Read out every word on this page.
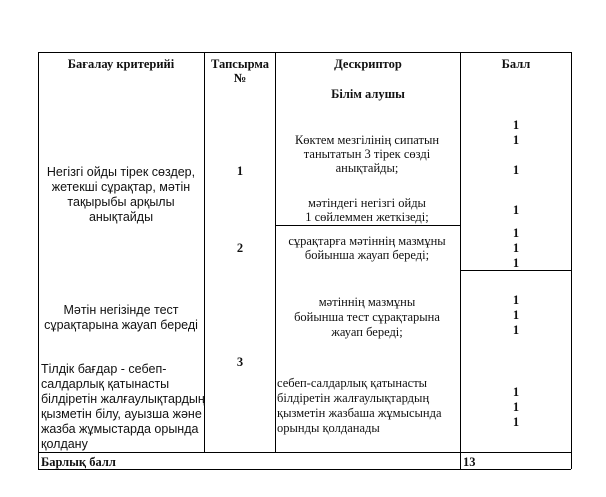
Бағалау критерийі	Тапсырма
№
Дескриптор
Білім алушы
Балл
Негізгі ойды тірек сөздер,
жетекші сұрақтар, мәтін
тақырыбы арқылы
анықтайды
Мәтін негізінде тест
сұрақтарына жауап береді
Тілдік бағдар - себеп-
салдарлық қатынасты
білдіретін жалғаулықтардың
қызметін білу, ауызша және
жазба жұмыстарда орында
қолдану
1
2
3
Көктем мезгілінің сипатын
танытатын 3 тірек сөзді
анықтайды;
мәтіндегі негізгі ойды
1 сөйлеммен жеткізеді;
сұрақтарға мәтіннің мазмұны
бойынша жауап береді;
мәтіннің мазмұны
бойынша тест сұрақтарына
жауап береді;
себеп-салдарлық қатынасты
білдіретін жалғаулықтардың
қызметін жазбаша жұмысында
орынды қолданады
1
1
1
1
1
1
1
1
1
1
1
1
1
Барлық балл	13
